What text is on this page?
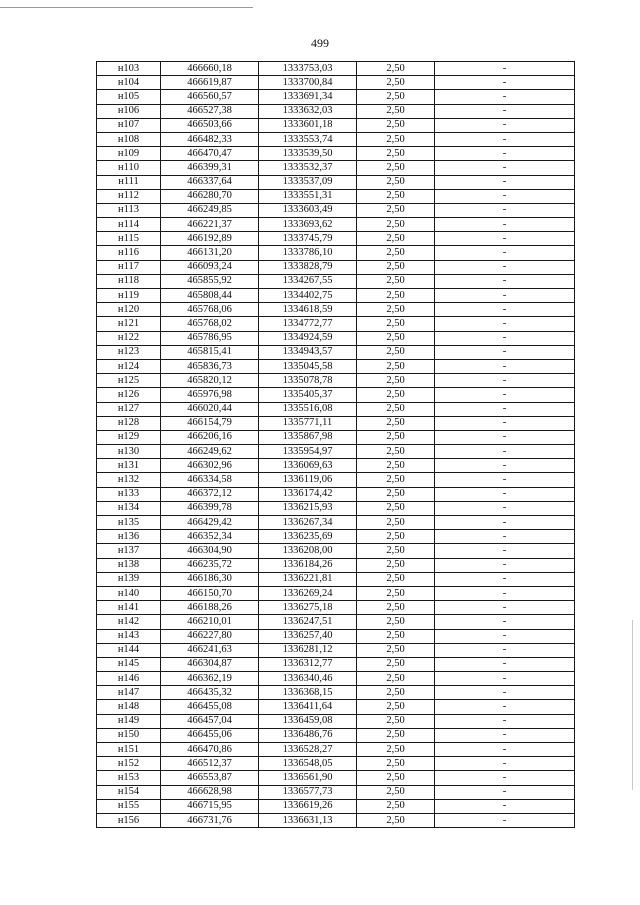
499
н103	466660,18	1333753,03	2,50	-
н104	466619,87	1333700,84	2,50	-
н105	466560,57	1333691,34	2,50	-
н106	466527,38	1333632,03	2,50	-
н107	466503,66	1333601,18	2,50	-
н108	466482,33	1333553,74	2,50	-
н109	466470,47	1333539,50	2,50	-
н110	466399,31	1333532,37	2,50	-
н111	466337,64	1333537,09	2,50	-
н112	466280,70	1333551,31	2,50	-
н113	466249,85	1333603,49	2,50	-
н114	466221,37	1333693,62	2,50	-
н115	466192,89	1333745,79	2,50	-
н116	466131,20	1333786,10	2,50	-
н117	466093,24	1333828,79	2,50	-
н118	465855,92	1334267,55	2,50	-
н119	465808,44	1334402,75	2,50	-
н120	465768,06	1334618,59	2,50	-
н121	465768,02	1334772,77	2,50	-
н122	465786,95	1334924,59	2,50	-
н123	465815,41	1334943,57	2,50	-
н124	465836,73	1335045,58	2,50	-
н125	465820,12	1335078,78	2,50	-
н126	465976,98	1335405,37	2,50	-
н127	466020,44	1335516,08	2,50	-
н128	466154,79	1335771,11	2,50	-
н129	466206,16	1335867,98	2,50	-
н130	466249,62	1335954,97	2,50	-
н131	466302,96	1336069,63	2,50	-
н132	466334,58	1336119,06	2,50	-
н133	466372,12	1336174,42	2,50	-
н134	466399,78	1336215,93	2,50	-
н135	466429,42	1336267,34	2,50	-
н136	466352,34	1336235,69	2,50	-
н137	466304,90	1336208,00	2,50	-
н138	466235,72	1336184,26	2,50	-
н139	466186,30	1336221,81	2,50	-
н140	466150,70	1336269,24	2,50	-
н141	466188,26	1336275,18	2,50	-
н142	466210,01	1336247,51	2,50	-
н143	466227,80	1336257,40	2,50	-
н144	466241,63	1336281,12	2,50	-
н145	466304,87	1336312,77	2,50	-
н146	466362,19	1336340,46	2,50	-
н147	466435,32	1336368,15	2,50	-
н148	466455,08	1336411,64	2,50	-
н149	466457,04	1336459,08	2,50	-
н150	466455,06	1336486,76	2,50	-
н151	466470,86	1336528,27	2,50	-
н152	466512,37	1336548,05	2,50	-
н153	466553,87	1336561,90	2,50	-
н154	466628,98	1336577,73	2,50	-
н155	466715,95	1336619,26	2,50	-
н156	466731,76	1336631,13	2,50	-
